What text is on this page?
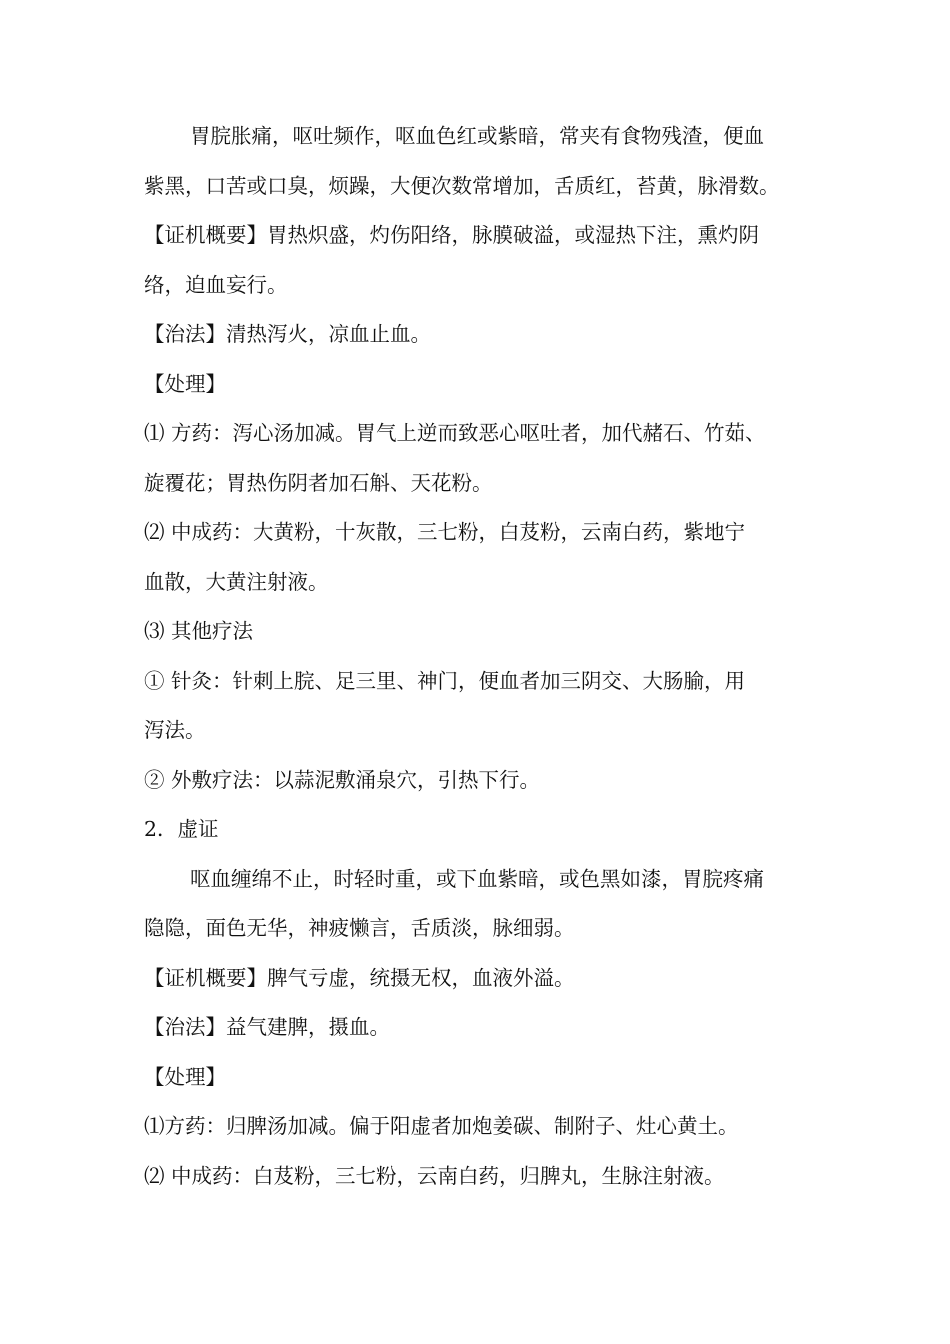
胃脘胀痛，呕吐频作，呕血色红或紫暗，常夹有食物残渣，便血
紫黑，口苦或口臭，烦躁，大便次数常增加，舌质红，苔黄，脉滑数。
【证机概要】胃热炽盛，灼伤阳络，脉膜破溢，或湿热下注，熏灼阴
络，迫血妄行。
【治法】清热泻火，凉血止血。
【处理】
⑴ 方药：泻心汤加减。胃气上逆而致恶心呕吐者，加代赭石、竹茹、
旋覆花；胃热伤阴者加石斛、天花粉。
⑵ 中成药：大黄粉，十灰散，三七粉，白芨粉，云南白药，紫地宁
血散，大黄注射液。
⑶ 其他疗法
① 针灸：针刺上脘、足三里、神门，便血者加三阴交、大肠腧，用
泻法。
② 外敷疗法：以蒜泥敷涌泉穴，引热下行。
2．虚证
呕血缠绵不止，时轻时重，或下血紫暗，或色黑如漆，胃脘疼痛
隐隐，面色无华，神疲懒言，舌质淡，脉细弱。
【证机概要】脾气亏虚，统摄无权，血液外溢。
【治法】益气建脾，摄血。
【处理】
⑴方药：归脾汤加减。偏于阳虚者加炮姜碳、制附子、灶心黄土。
⑵ 中成药：白芨粉，三七粉，云南白药，归脾丸，生脉注射液。
